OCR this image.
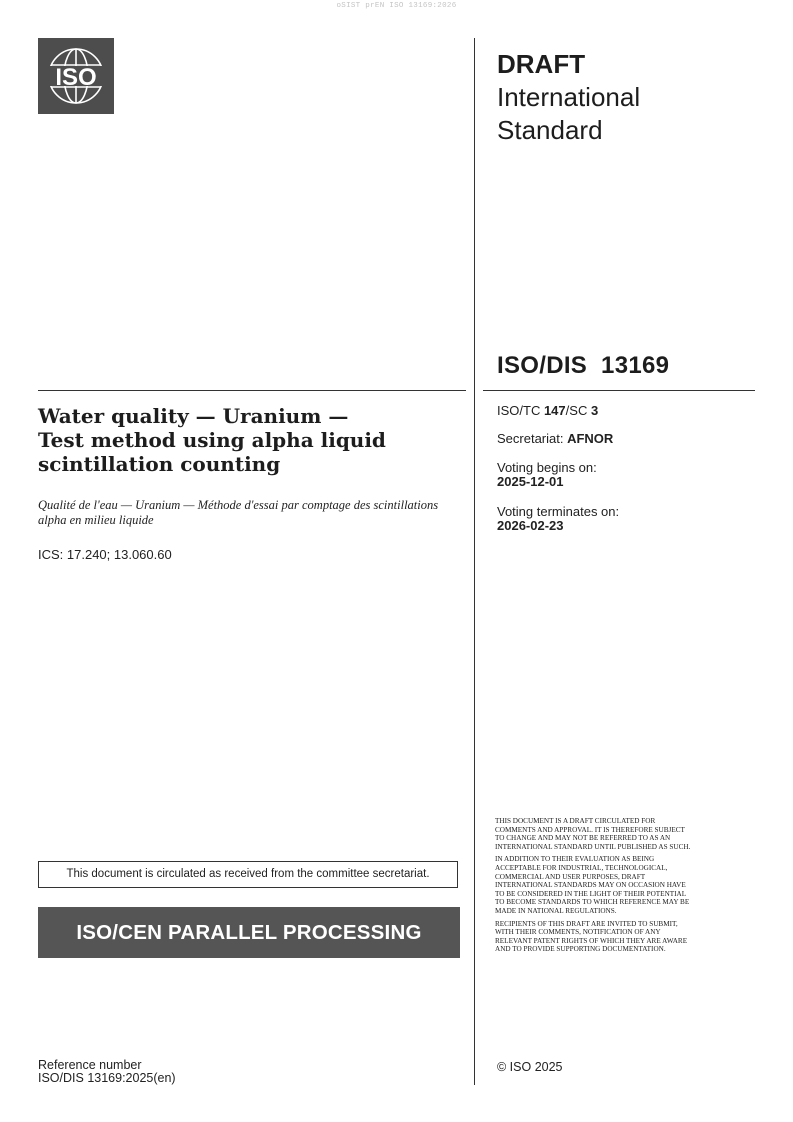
oSIST prEN ISO 13169:2026
ISO	DRAFT
International
Standard
ISO/DIS  13169
Water quality — Uranium —
Test method using alpha liquid
scintillation counting
Qualité de l'eau — Uranium — Méthode d'essai par comptage des scintillations alpha en milieu liquide
ICS: 17.240; 13.060.60
ISO/TC 147/SC 3
Secretariat: AFNOR
Voting begins on:
2025-12-01
Voting terminates on:
2026-02-23
This document is circulated as received from the committee secretariat.
ISO/CEN PARALLEL PROCESSING

THIS DOCUMENT IS A DRAFT CIRCULATED FOR COMMENTS AND APPROVAL. IT IS THEREFORE SUBJECT TO CHANGE AND MAY NOT BE REFERRED TO AS AN INTERNATIONAL STANDARD UNTIL PUBLISHED AS SUCH.

IN ADDITION TO THEIR EVALUATION AS BEING ACCEPTABLE FOR INDUSTRIAL, TECHNOLOGICAL, COMMERCIAL AND USER PURPOSES, DRAFT INTERNATIONAL STANDARDS MAY ON OCCASION HAVE TO BE CONSIDERED IN THE LIGHT OF THEIR POTENTIAL TO BECOME STANDARDS TO WHICH REFERENCE MAY BE MADE IN NATIONAL REGULATIONS.

RECIPIENTS OF THIS DRAFT ARE INVITED TO SUBMIT, WITH THEIR COMMENTS, NOTIFICATION OF ANY RELEVANT PATENT RIGHTS OF WHICH THEY ARE AWARE AND TO PROVIDE SUPPORTING DOCUMENTATION.

Reference number
ISO/DIS 13169:2025(en)
© ISO 2025
